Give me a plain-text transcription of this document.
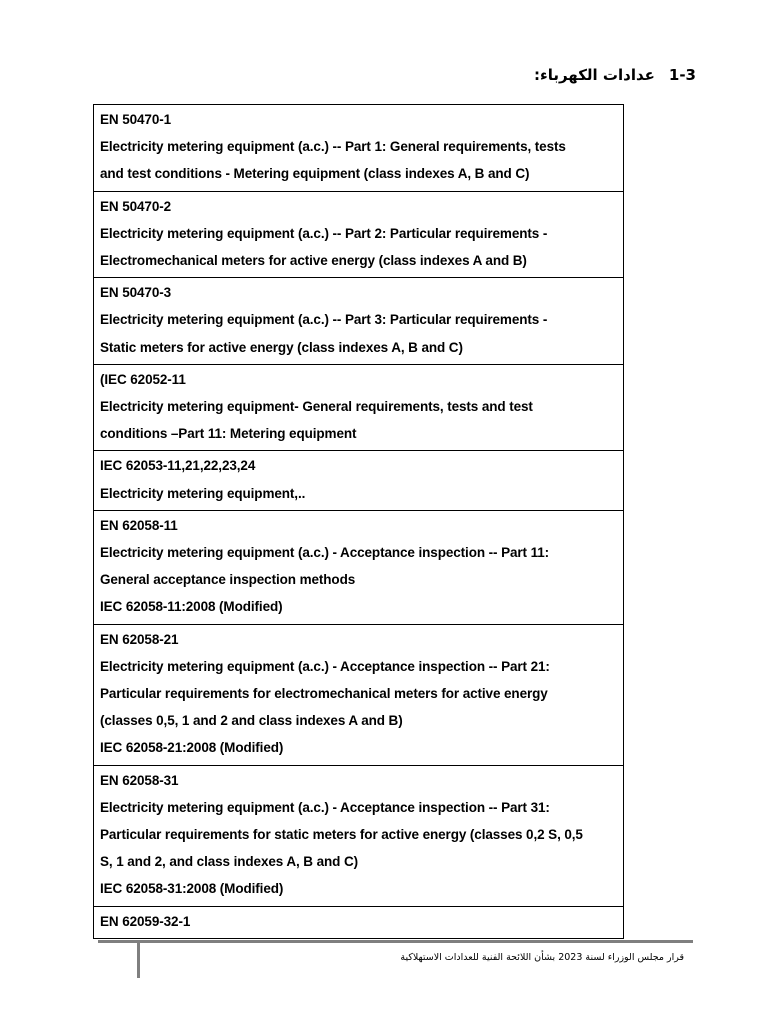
1-3عدادات الكهرباء:
EN 50470-1
Electricity metering equipment (a.c.) -- Part 1: General requirements, tests
and test conditions - Metering equipment (class indexes A, B and C)

EN 50470-2
Electricity metering equipment (a.c.) -- Part 2: Particular requirements -
Electromechanical meters for active energy (class indexes A and B)

EN 50470-3
Electricity metering equipment (a.c.) -- Part 3: Particular requirements -
Static meters for active energy (class indexes A, B and C)

(IEC 62052-11
Electricity metering equipment- General requirements, tests and test
conditions –Part 11: Metering equipment

IEC 62053-11,21,22,23,24
Electricity metering equipment,..

EN 62058-11
Electricity metering equipment (a.c.) - Acceptance inspection -- Part 11:
General acceptance inspection methods
IEC 62058-11:2008 (Modified)

EN 62058-21
Electricity metering equipment (a.c.) - Acceptance inspection -- Part 21:
Particular requirements for electromechanical meters for active energy
(classes 0,5, 1 and 2 and class indexes A and B)
IEC 62058-21:2008 (Modified)

EN 62058-31
Electricity metering equipment (a.c.) - Acceptance inspection -- Part 31:
Particular requirements for static meters for active energy (classes 0,2 S, 0,5
S, 1 and 2, and class indexes A, B and C)
IEC 62058-31:2008 (Modified)

EN 62059-32-1
قرار مجلس الوزراء لسنة 2023 بشأن اللائحة الفنية للعدادات الاستهلاكية
